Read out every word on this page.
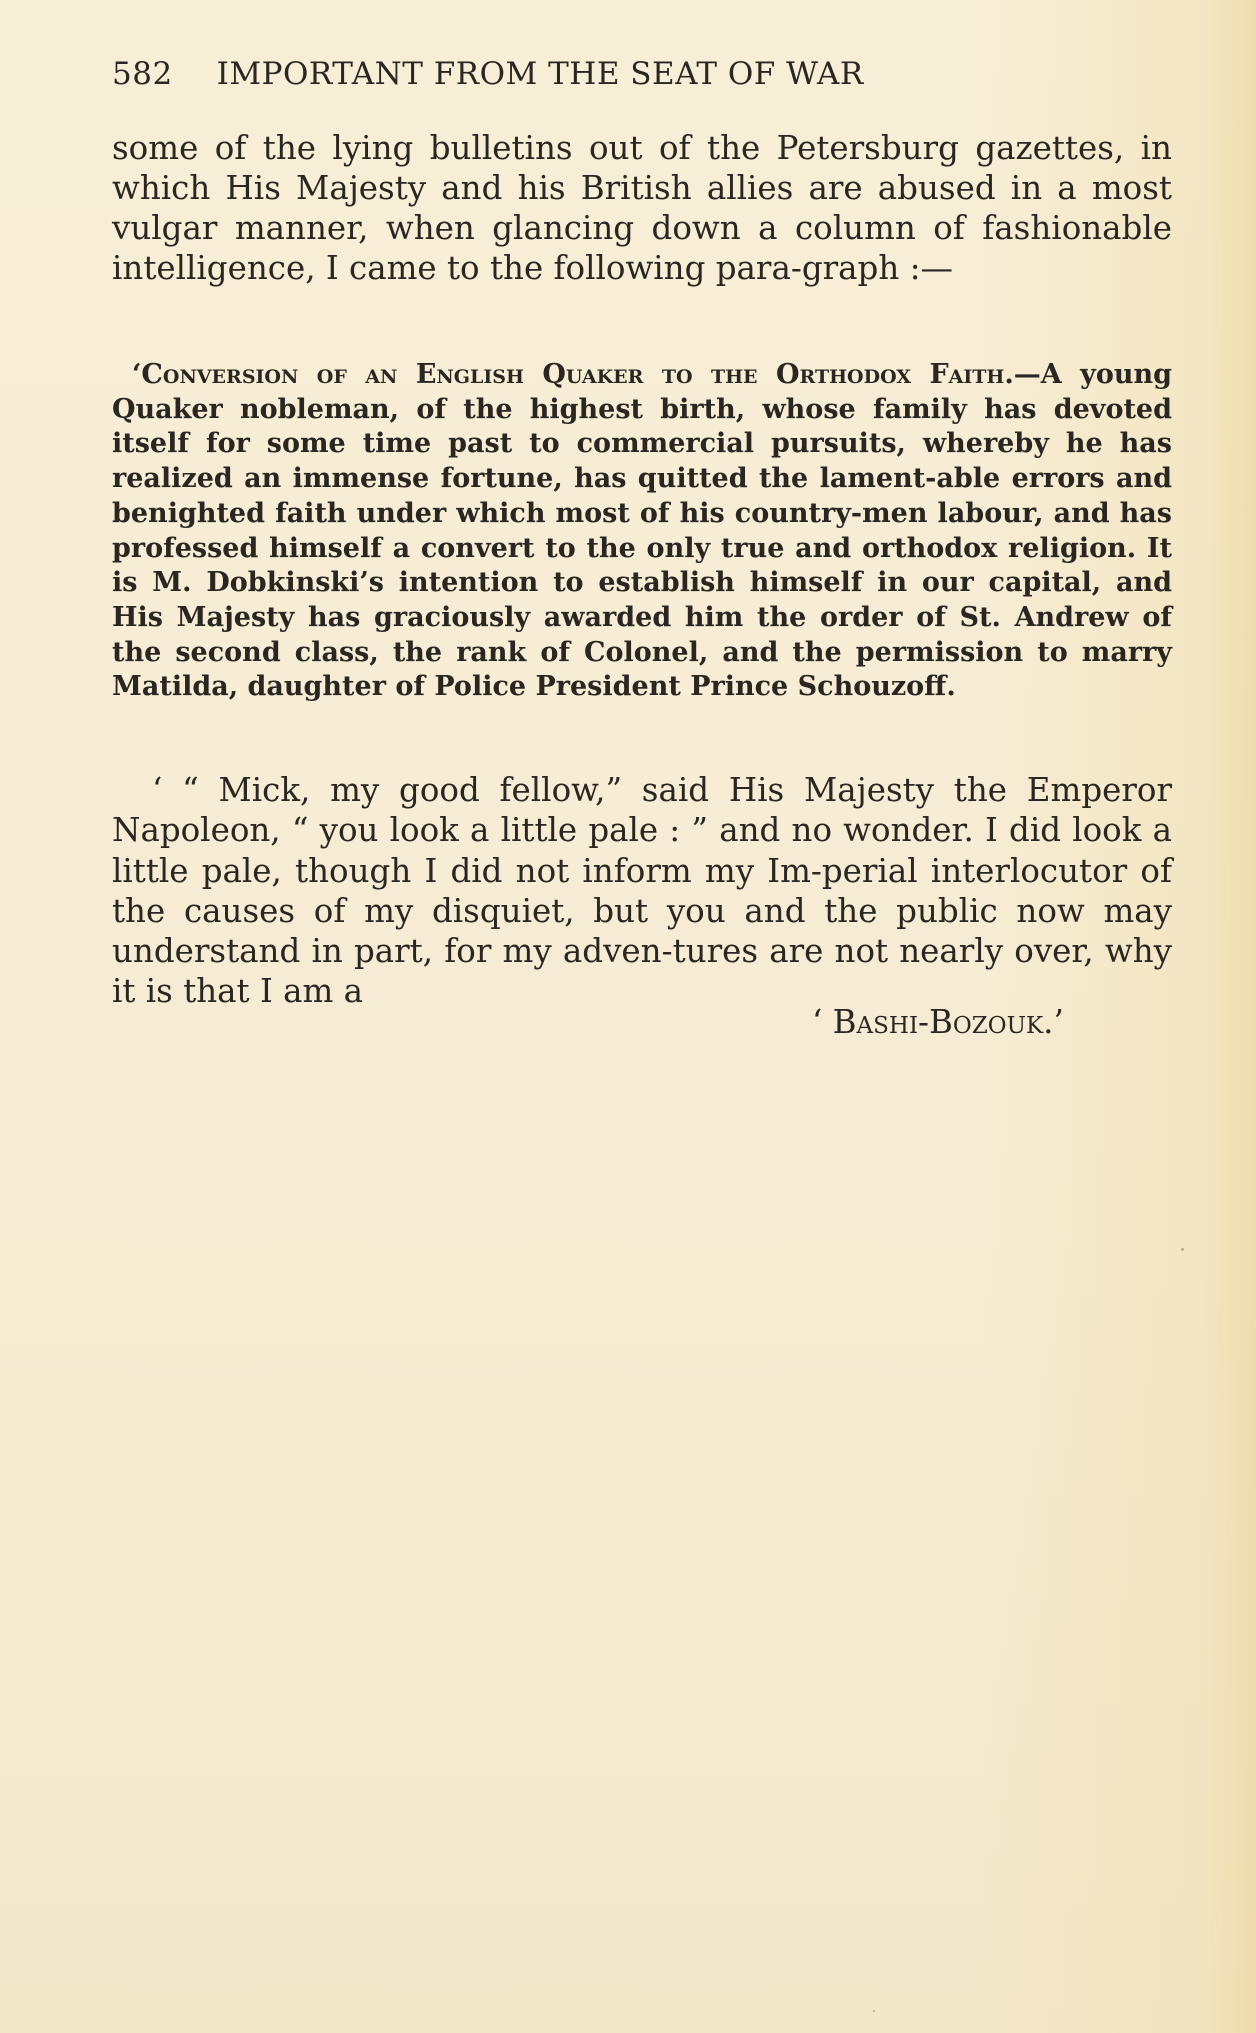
582 IMPORTANT FROM THE SEAT OF WAR

some of the lying bulletins out of the Petersburg gazettes, in which His Majesty and his British allies are abused in a most vulgar manner, when glancing down a column of fashionable intelligence, I came to the following para-graph :—

‘Conversion of an English Quaker to the Orthodox Faith.—A young Quaker nobleman, of the highest birth, whose family has devoted itself for some time past to commercial pursuits, whereby he has realized an immense fortune, has quitted the lament-able errors and benighted faith under which most of his country-men labour, and has professed himself a convert to the only true and orthodox religion. It is M. Dobkinski’s intention to establish himself in our capital, and His Majesty has graciously awarded him the order of St. Andrew of the second class, the rank of Colonel, and the permission to marry Matilda, daughter of Police President Prince Schouzoff.

‘ “ Mick, my good fellow,” said His Majesty the Emperor Napoleon, “ you look a little pale : ” and no wonder. I did look a little pale, though I did not inform my Im-perial interlocutor of the causes of my disquiet, but you and the public now may understand in part, for my adven-tures are not nearly over, why it is that I am a

‘ Bashi-Bozouk.’
